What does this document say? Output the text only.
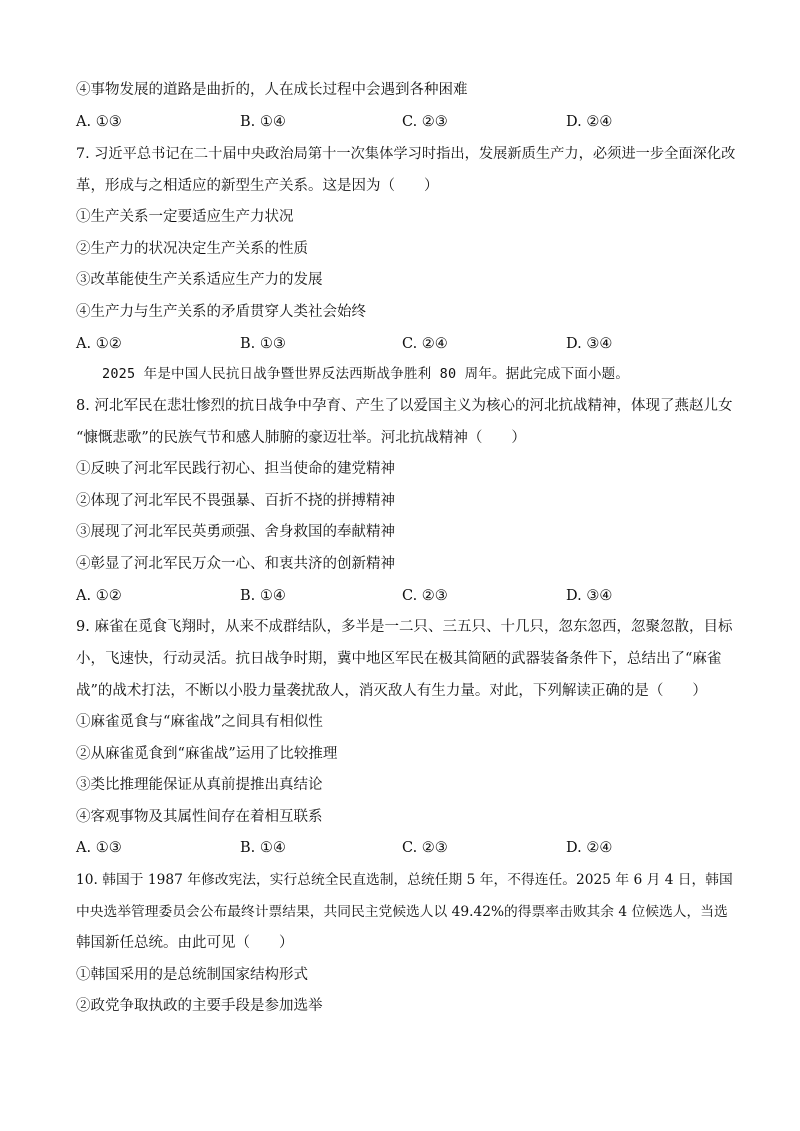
④事物发展的道路是曲折的，人在成长过程中会遇到各种困难
A. ①③	B. ①④	C. ②③	D. ②④
7. 习近平总书记在二十届中央政治局第十一次集体学习时指出，发展新质生产力，必须进一步全面深化改
革，形成与之相适应的新型生产关系。这是因为（　　）
①生产关系一定要适应生产力状况
②生产力的状况决定生产关系的性质
③改革能使生产关系适应生产力的发展
④生产力与生产关系的矛盾贯穿人类社会始终
A. ①②	B. ①③	C. ②④	D. ③④
2025 年是中国人民抗日战争暨世界反法西斯战争胜利 80 周年。据此完成下面小题。
8. 河北军民在悲壮惨烈的抗日战争中孕育、产生了以爱国主义为核心的河北抗战精神，体现了燕赵儿女
“慷慨悲歌”的民族气节和感人肺腑的豪迈壮举。河北抗战精神（　　）
①反映了河北军民践行初心、担当使命的建党精神
②体现了河北军民不畏强暴、百折不挠的拼搏精神
③展现了河北军民英勇顽强、舍身救国的奉献精神
④彰显了河北军民万众一心、和衷共济的创新精神
A. ①②	B. ①④	C. ②③	D. ③④
9. 麻雀在觅食飞翔时，从来不成群结队，多半是一二只、三五只、十几只，忽东忽西，忽聚忽散，目标
小，飞速快，行动灵活。抗日战争时期，冀中地区军民在极其简陋的武器装备条件下，总结出了“麻雀
战”的战术打法，不断以小股力量袭扰敌人，消灭敌人有生力量。对此，下列解读正确的是（　　）
①麻雀觅食与“麻雀战”之间具有相似性
②从麻雀觅食到“麻雀战”运用了比较推理
③类比推理能保证从真前提推出真结论
④客观事物及其属性间存在着相互联系
A. ①③	B. ①④	C. ②③	D. ②④
10. 韩国于 1987 年修改宪法，实行总统全民直选制，总统任期 5 年，不得连任。2025 年 6 月 4 日，韩国
中央选举管理委员会公布最终计票结果，共同民主党候选人以 49.42%的得票率击败其余 4 位候选人，当选
韩国新任总统。由此可见（　　）
①韩国采用的是总统制国家结构形式
②政党争取执政的主要手段是参加选举
